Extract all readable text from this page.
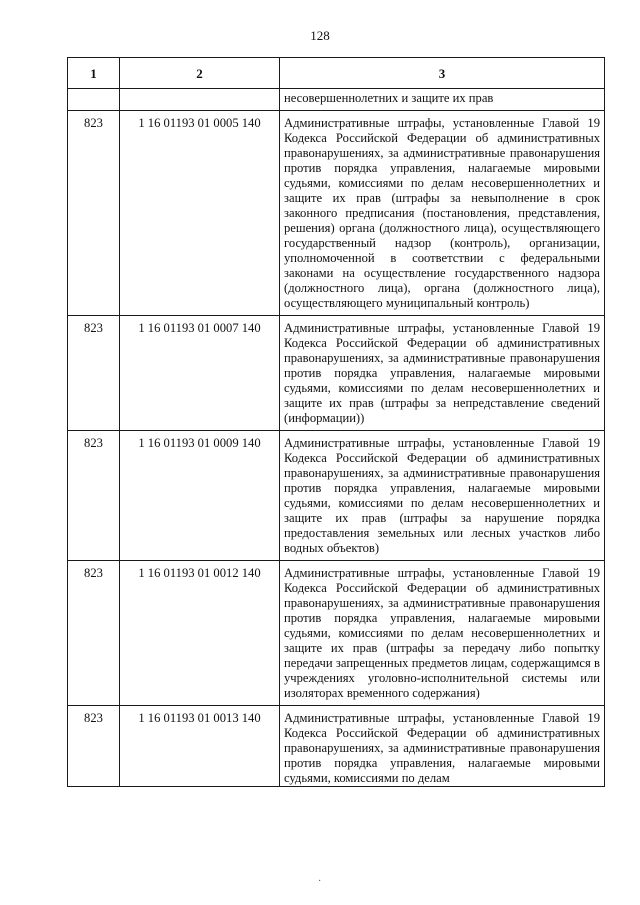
128
1	2	3
		несовершеннолетних и защите их прав
823	1 16 01193 01 0005 140	Административные штрафы, установленные Главой 19 Кодекса Российской Федерации об административных правонарушениях, за административные правонарушения против порядка управления, налагаемые мировыми судьями, комиссиями по делам несовершеннолетних и защите их прав (штрафы за невыполнение в срок законного предписания (постановления, представления, решения) органа (должностного лица), осуществляющего государственный надзор (контроль), организации, уполномоченной в соответствии с федеральными законами на осуществление государственного надзора (должностного лица), органа (должностного лица), осуществляющего муниципальный контроль)
823	1 16 01193 01 0007 140	Административные штрафы, установленные Главой 19 Кодекса Российской Федерации об административных правонарушениях, за административные правонарушения против порядка управления, налагаемые мировыми судьями, комиссиями по делам несовершеннолетних и защите их прав (штрафы за непредставление сведений (информации))
823	1 16 01193 01 0009 140	Административные штрафы, установленные Главой 19 Кодекса Российской Федерации об административных правонарушениях, за административные правонарушения против порядка управления, налагаемые мировыми судьями, комиссиями по делам несовершеннолетних и защите их прав (штрафы за нарушение порядка предоставления земельных или лесных участков либо водных объектов)
823	1 16 01193 01 0012 140	Административные штрафы, установленные Главой 19 Кодекса Российской Федерации об административных правонарушениях, за административные правонарушения против порядка управления, налагаемые мировыми судьями, комиссиями по делам несовершеннолетних и защите их прав (штрафы за передачу либо попытку передачи запрещенных предметов лицам, содержащимся в учреждениях уголовно-исполнительной системы или изоляторах временного содержания)
823	1 16 01193 01 0013 140	Административные штрафы, установленные Главой 19 Кодекса Российской Федерации об административных правонарушениях, за административные правонарушения против порядка управления, налагаемые мировыми судьями, комиссиями по делам
·
